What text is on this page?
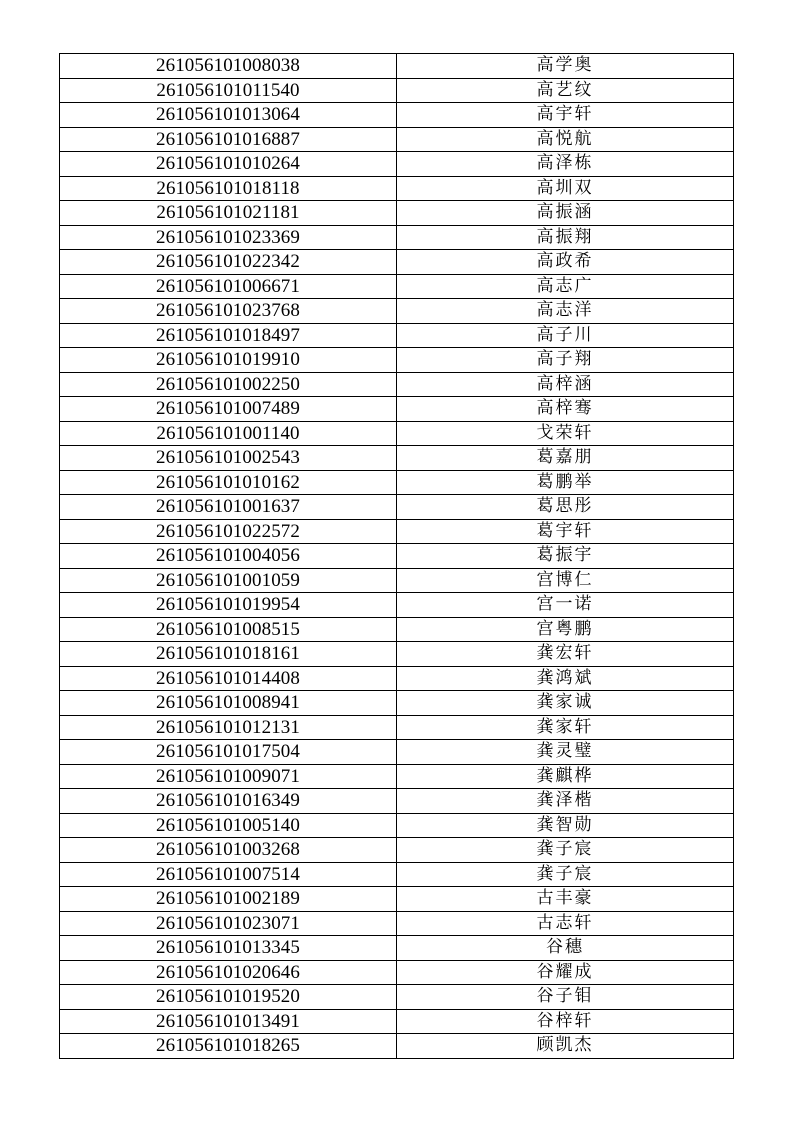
261056101008038	高学奥
261056101011540	高艺纹
261056101013064	高宇轩
261056101016887	高悦航
261056101010264	高泽栋
261056101018118	高圳双
261056101021181	高振涵
261056101023369	高振翔
261056101022342	高政希
261056101006671	高志广
261056101023768	高志洋
261056101018497	高子川
261056101019910	高子翔
261056101002250	高梓涵
261056101007489	高梓骞
261056101001140	戈荣轩
261056101002543	葛嘉朋
261056101010162	葛鹏举
261056101001637	葛思彤
261056101022572	葛宇轩
261056101004056	葛振宇
261056101001059	宫博仁
261056101019954	宫一诺
261056101008515	宫粤鹏
261056101018161	龚宏轩
261056101014408	龚鸿斌
261056101008941	龚家诚
261056101012131	龚家轩
261056101017504	龚灵璧
261056101009071	龚麒桦
261056101016349	龚泽楷
261056101005140	龚智勋
261056101003268	龚子宸
261056101007514	龚子宸
261056101002189	古丰豪
261056101023071	古志轩
261056101013345	谷穗
261056101020646	谷耀成
261056101019520	谷子钼
261056101013491	谷梓轩
261056101018265	顾凯杰
